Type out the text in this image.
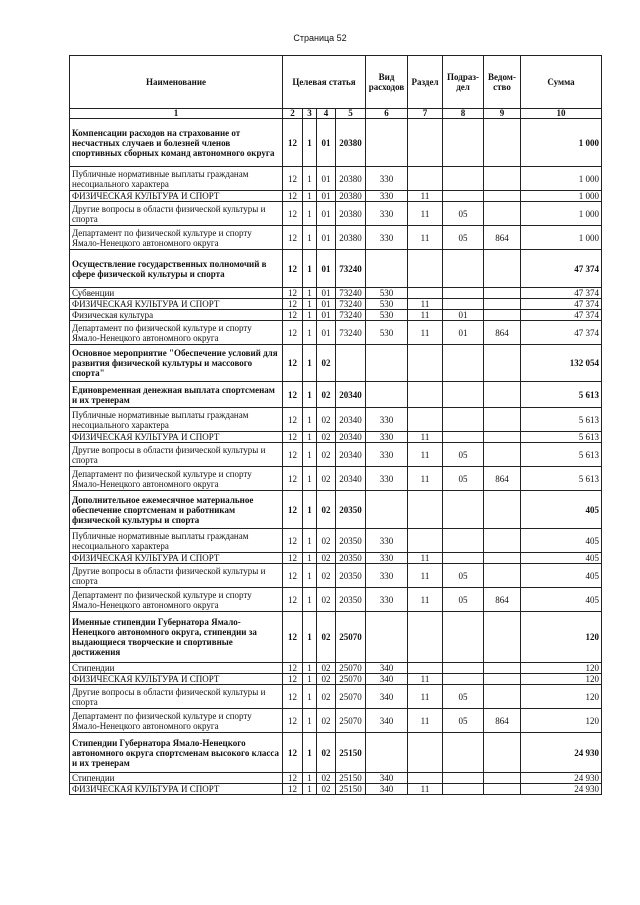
Страница 52
Наименование	Целевая статья				Вид расходов	Раздел	Подраз-дел	Ведом-ство	Сумма
1	2	3	4	5	6	7	8	9	10
Компенсации расходов на страхование от несчастных случаев и болезней членов спортивных сборных команд автономного округа	12	1	01	20380					1 000
Публичные нормативные выплаты гражданам несоциального характера	12	1	01	20380	330				1 000
ФИЗИЧЕСКАЯ КУЛЬТУРА И СПОРТ	12	1	01	20380	330	11			1 000
Другие вопросы в области физической культуры и спорта	12	1	01	20380	330	11	05		1 000
Департамент по физической культуре и спорту Ямало-Ненецкого автономного округа	12	1	01	20380	330	11	05	864	1 000
Осуществление государственных полномочий в сфере физической культуры и спорта	12	1	01	73240					47 374
Субвенции	12	1	01	73240	530				47 374
ФИЗИЧЕСКАЯ КУЛЬТУРА И СПОРТ	12	1	01	73240	530	11			47 374
Физическая культура	12	1	01	73240	530	11	01		47 374
Департамент по физической культуре и спорту Ямало-Ненецкого автономного округа	12	1	01	73240	530	11	01	864	47 374
Основное мероприятие "Обеспечение условий для развития физической культуры и массового спорта"	12	1	02						132 054
Единовременная денежная выплата спортсменам и их тренерам	12	1	02	20340					5 613
Публичные нормативные выплаты гражданам несоциального характера	12	1	02	20340	330				5 613
ФИЗИЧЕСКАЯ КУЛЬТУРА И СПОРТ	12	1	02	20340	330	11			5 613
Другие вопросы в области физической культуры и спорта	12	1	02	20340	330	11	05		5 613
Департамент по физической культуре и спорту Ямало-Ненецкого автономного округа	12	1	02	20340	330	11	05	864	5 613
Дополнительное ежемесячное материальное обеспечение спортсменам и работникам физической культуры и спорта	12	1	02	20350					405
Публичные нормативные выплаты гражданам несоциального характера	12	1	02	20350	330				405
ФИЗИЧЕСКАЯ КУЛЬТУРА И СПОРТ	12	1	02	20350	330	11			405
Другие вопросы в области физической культуры и спорта	12	1	02	20350	330	11	05		405
Департамент по физической культуре и спорту Ямало-Ненецкого автономного округа	12	1	02	20350	330	11	05	864	405
Именные стипендии Губернатора Ямало-Ненецкого автономного округа, стипендии за выдающиеся творческие и спортивные достижения	12	1	02	25070					120
Стипендии	12	1	02	25070	340				120
ФИЗИЧЕСКАЯ КУЛЬТУРА И СПОРТ	12	1	02	25070	340	11			120
Другие вопросы в области физической культуры и спорта	12	1	02	25070	340	11	05		120
Департамент по физической культуре и спорту Ямало-Ненецкого автономного округа	12	1	02	25070	340	11	05	864	120
Стипендии Губернатора Ямало-Ненецкого автономного округа спортсменам высокого класса и их тренерам	12	1	02	25150					24 930
Стипендии	12	1	02	25150	340				24 930
ФИЗИЧЕСКАЯ КУЛЬТУРА И СПОРТ	12	1	02	25150	340	11			24 930
